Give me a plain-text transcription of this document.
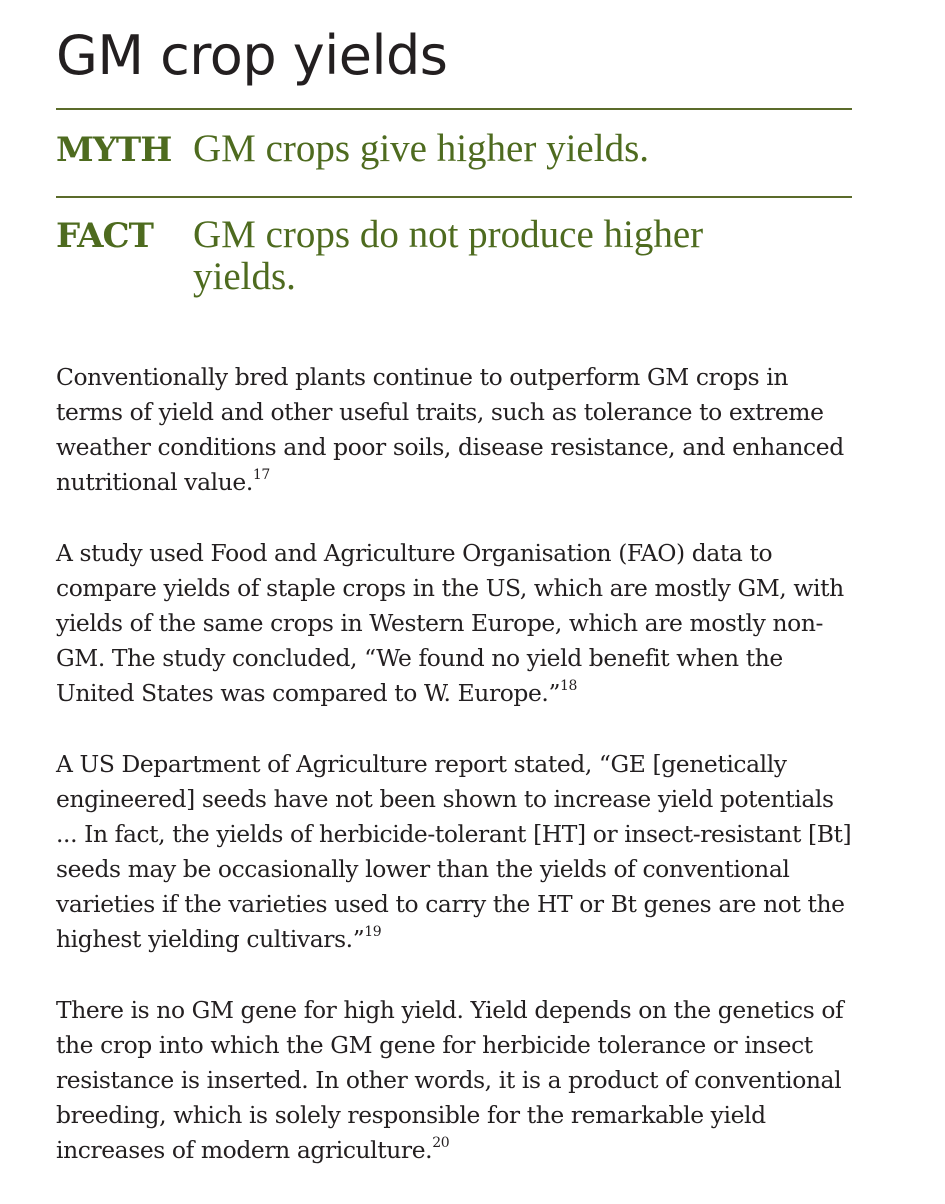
GM crop yields
MYTH GM crops give higher yields.
FACT GM crops do not produce higher yields.

Conventionally bred plants continue to outperform GM crops in terms of yield and other useful traits, such as tolerance to extreme weather conditions and poor soils, disease resistance, and enhanced nutritional value.$^{17}$

A study used Food and Agriculture Organisation (FAO) data to compare yields of staple crops in the US, which are mostly GM, with yields of the same crops in Western Europe, which are mostly non-GM. The study concluded, “We found no yield benefit when the United States was compared to W. Europe.”$^{18}$

A US Department of Agriculture report stated, “GE [genetically engineered] seeds have not been shown to increase yield potentials ... In fact, the yields of herbicide-tolerant [HT] or insect-resistant [Bt] seeds may be occasionally lower than the yields of conventional varieties if the varieties used to carry the HT or Bt genes are not the highest yielding cultivars.”$^{19}$

There is no GM gene for high yield. Yield depends on the genetics of the crop into which the GM gene for herbicide tolerance or insect resistance is inserted. In other words, it is a product of conventional breeding, which is solely responsible for the remarkable yield increases of modern agriculture.$^{20}$
